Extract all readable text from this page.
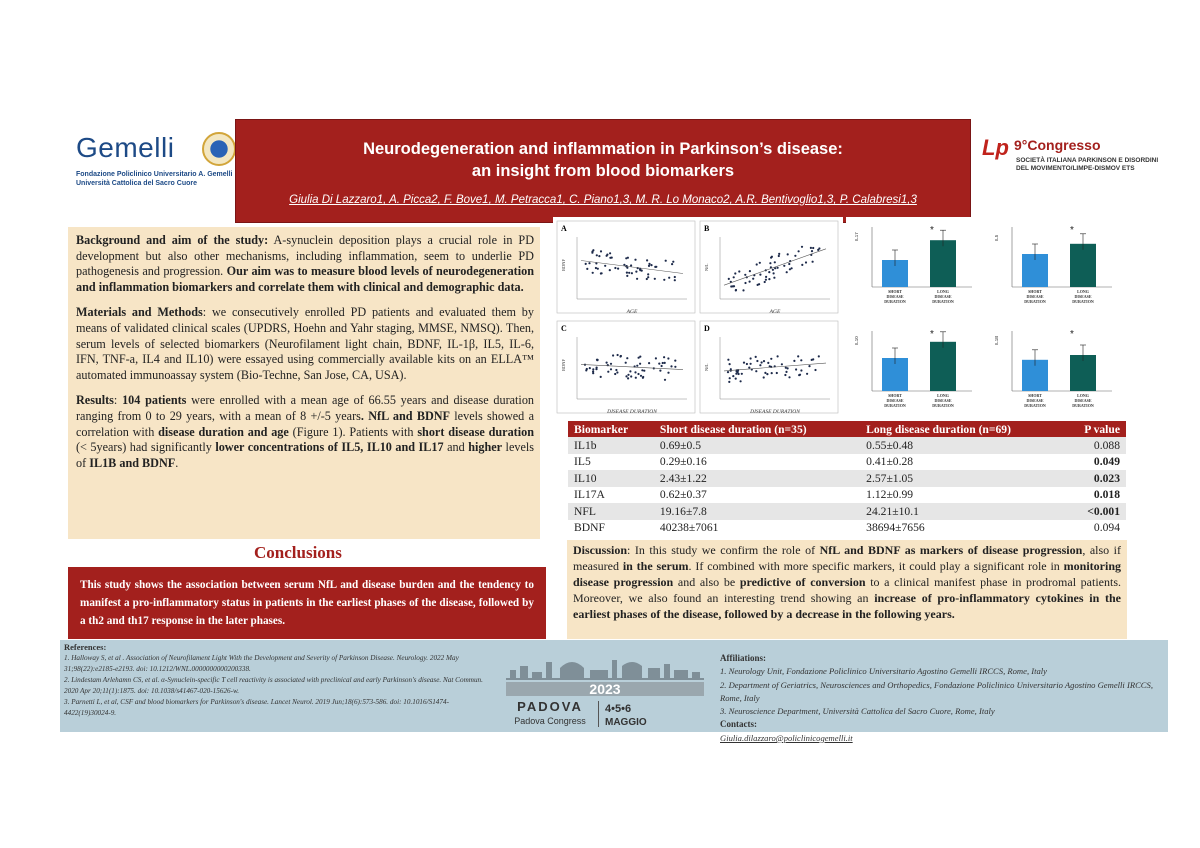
Gemelli
Fondazione Policlinico Universitario A. Gemelli
Università Cattolica del Sacro Cuore
Neurodegeneration and inflammation in Parkinson’s disease:
an insight from blood biomarkers
Giulia Di Lazzaro1, A. Picca2, F. Bove1, M. Petracca1, C. Piano1,3, M. R. Lo Monaco2, A.R. Bentivoglio1,3, P. Calabresi1,3
Lp 9°Congresso
SOCIETÀ ITALIANA PARKINSON E DISORDINI
DEL MOVIMENTO/LIMPE-DISMOV ETS

Background and aim of the study: A-synuclein deposition plays a crucial role in PD development but also other mechanisms, including inflammation, seem to underlie PD pathogenesis and progression. Our aim was to measure blood levels of neurodegeneration and inflammation biomarkers and correlate them with clinical and demographic data.

Materials and Methods: we consecutively enrolled PD patients and evaluated them by means of validated clinical scales (UPDRS, Hoehn and Yahr staging, MMSE, NMSQ). Then, serum levels of selected biomarkers (Neurofilament light chain, BDNF, IL-1β, IL5, IL-6, IFN, TNF-a, IL4 and IL10) were essayed using commercially available kits on an ELLA™ automated immunoassay system (Bio-Techne, San Jose, CA, USA).

Results: 104 patients were enrolled with a mean age of 66.55 years and disease duration ranging from 0 to 29 years, with a mean of 8 +/-5 years. NfL and BDNF levels showed a correlation with disease duration and age (Figure 1). Patients with short disease duration (< 5years) had significantly lower concentrations of IL5, IL10 and IL17 and higher levels of IL1B and BDNF.

Conclusions
This study shows the association between serum NfL and disease burden and the tendency to manifest a pro-inflammatory status in patients in the earliest phases of the disease, followed by a th2 and th17 response in the later phases.
A
AGE
BDNF
B
AGE
NfL
C
DISEASE DURATION
BDNF
D
DISEASE DURATION
NfL
IL17
SHORT
DISEASE
DURATION
LONG
DISEASE
DURATION
*
IL5
SHORT
DISEASE
DURATION
LONG
DISEASE
DURATION
*
IL10
SHORT
DISEASE
DURATION
LONG
DISEASE
DURATION
*
IL1B
SHORT
DISEASE
DURATION
LONG
DISEASE
DURATION
*
Biomarker	Short disease duration (n=35)	Long disease duration (n=69)	P value
IL1b	0.69±0.5	0.55±0.48	0.088
IL5	0.29±0.16	0.41±0.28	0.049
IL10	2.43±1.22	2.57±1.05	0.023
IL17A	0.62±0.37	1.12±0.99	0.018
NFL	19.16±7.8	24.21±10.1	<0.001
BDNF	40238±7061	38694±7656	0.094
Discussion: In this study we confirm the role of NfL and BDNF as markers of disease progression, also if measured in the serum. If combined with more specific markers, it could play a significant role in monitoring disease progression and also be predictive of conversion to a clinical manifest phase in prodromal patients. Moreover, we also found an interesting trend showing an increase of pro-inflammatory cytokines in the earliest phases of the disease, followed by a decrease in the following years.
References:
1. Halloway S, et al . Association of Neurofilament Light With the Development and Severity of Parkinson Disease. Neurology. 2022 May 31;98(22):e2185-e2193. doi: 10.1212/WNL.0000000000200338.
2. Lindestam Arlehamn CS, et al. α-Synuclein-specific T cell reactivity is associated with preclinical and early Parkinson's disease. Nat Commun. 2020 Apr 20;11(1):1875. doi: 10.1038/s41467-020-15626-w.
3. Parnetti L, et al, CSF and blood biomarkers for Parkinson's disease. Lancet Neurol. 2019 Jun;18(6):573-586. doi: 10.1016/S1474-4422(19)30024-9.
2023
PADOVA
Padova Congress
4•5•6
MAGGIO
Affiliations:
1. Neurology Unit, Fondazione Policlinico Universitario Agostino Gemelli IRCCS, Rome, Italy
2. Department of Geriatrics, Neurosciences and Orthopedics, Fondazione Policlinico Universitario Agostino Gemelli IRCCS, Rome, Italy
3. Neuroscience Department, Università Cattolica del Sacro Cuore, Rome, Italy
Contacts:
Giulia.dilazzaro@policlinicogemelli.it
